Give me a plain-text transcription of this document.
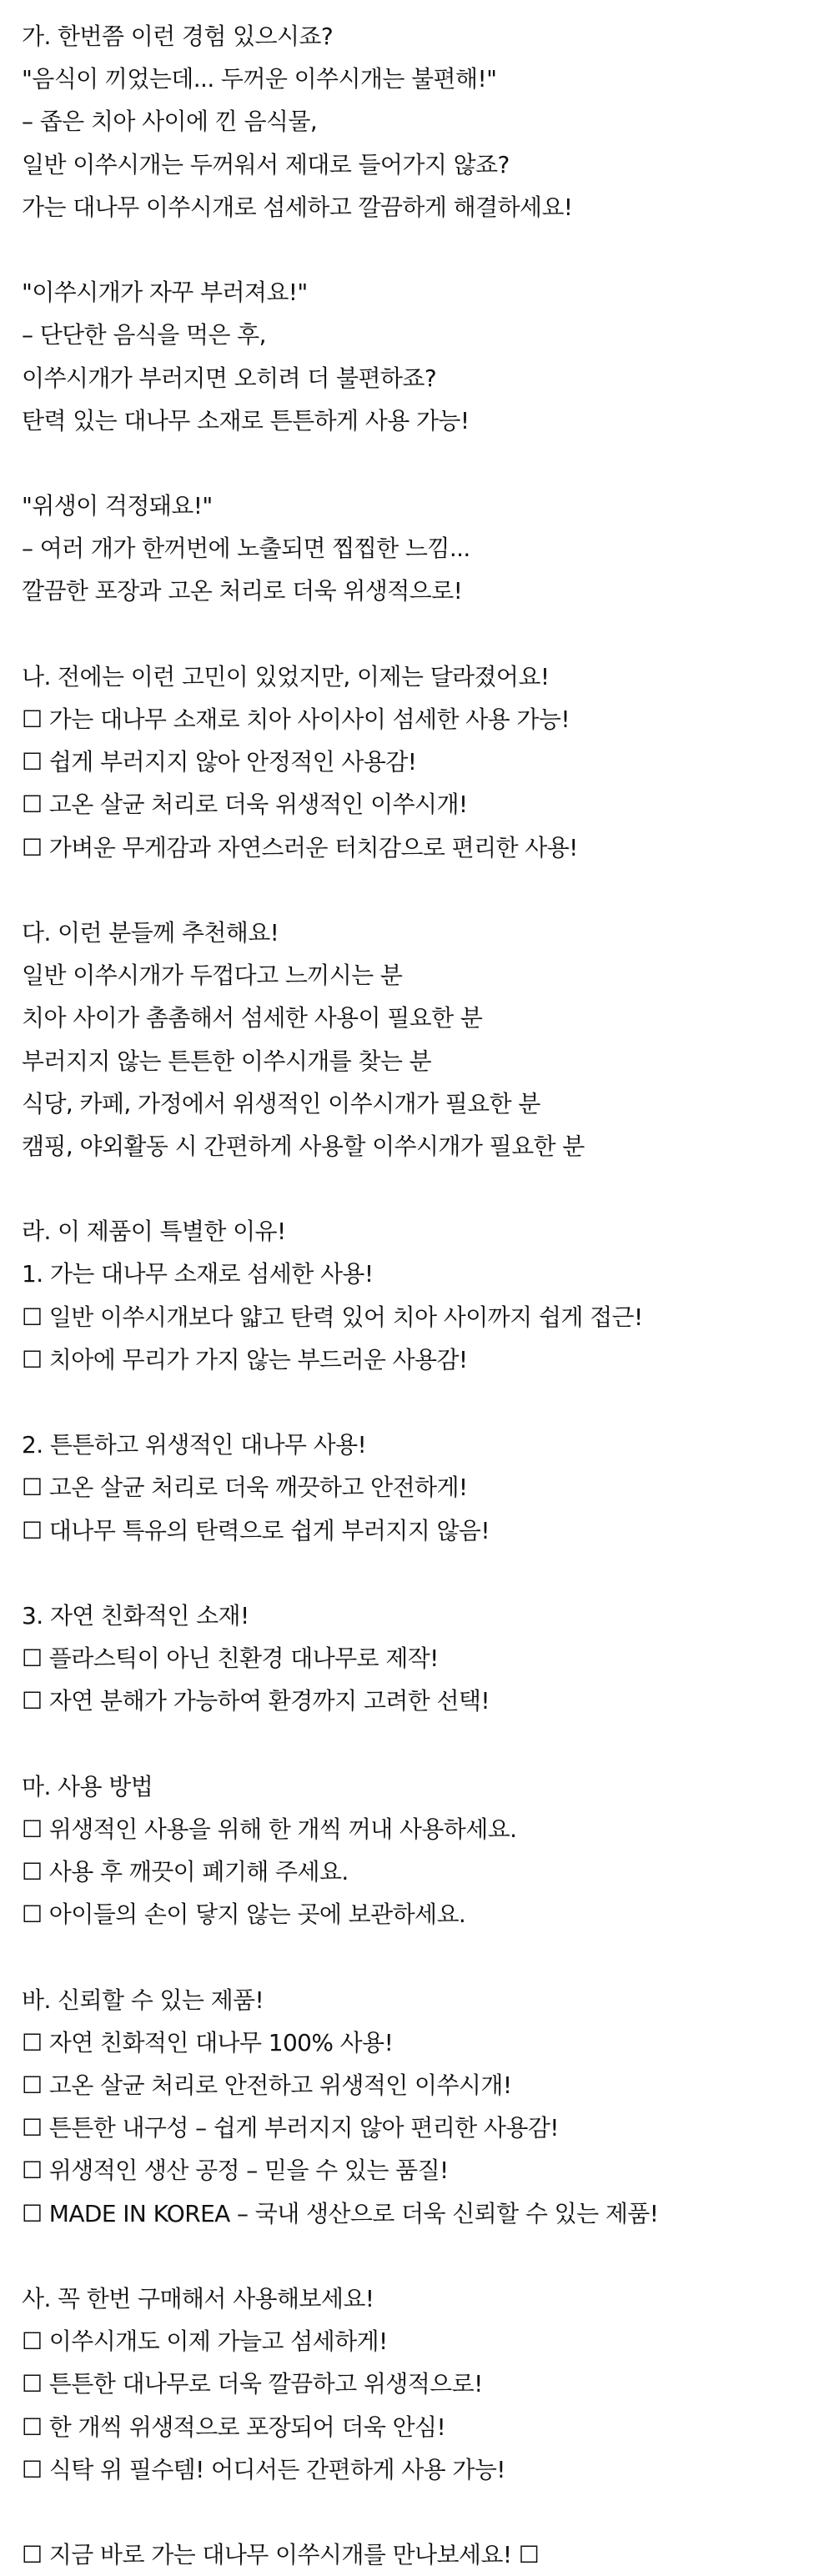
가. 한번쯤 이런 경험 있으시죠?
"음식이 끼었는데... 두꺼운 이쑤시개는 불편해!"
– 좁은 치아 사이에 낀 음식물,
일반 이쑤시개는 두꺼워서 제대로 들어가지 않죠?
가는 대나무 이쑤시개로 섬세하고 깔끔하게 해결하세요!
"이쑤시개가 자꾸 부러져요!"
– 단단한 음식을 먹은 후,
이쑤시개가 부러지면 오히려 더 불편하죠?
탄력 있는 대나무 소재로 튼튼하게 사용 가능!
"위생이 걱정돼요!"
– 여러 개가 한꺼번에 노출되면 찝찝한 느낌...
깔끔한 포장과 고온 처리로 더욱 위생적으로!
나. 전에는 이런 고민이 있었지만, 이제는 달라졌어요!
☐ 가는 대나무 소재로 치아 사이사이 섬세한 사용 가능!
☐ 쉽게 부러지지 않아 안정적인 사용감!
☐ 고온 살균 처리로 더욱 위생적인 이쑤시개!
☐ 가벼운 무게감과 자연스러운 터치감으로 편리한 사용!
다. 이런 분들께 추천해요!
일반 이쑤시개가 두껍다고 느끼시는 분
치아 사이가 촘촘해서 섬세한 사용이 필요한 분
부러지지 않는 튼튼한 이쑤시개를 찾는 분
식당, 카페, 가정에서 위생적인 이쑤시개가 필요한 분
캠핑, 야외활동 시 간편하게 사용할 이쑤시개가 필요한 분
라. 이 제품이 특별한 이유!
1. 가는 대나무 소재로 섬세한 사용!
☐ 일반 이쑤시개보다 얇고 탄력 있어 치아 사이까지 쉽게 접근!
☐ 치아에 무리가 가지 않는 부드러운 사용감!
2. 튼튼하고 위생적인 대나무 사용!
☐ 고온 살균 처리로 더욱 깨끗하고 안전하게!
☐ 대나무 특유의 탄력으로 쉽게 부러지지 않음!
3. 자연 친화적인 소재!
☐ 플라스틱이 아닌 친환경 대나무로 제작!
☐ 자연 분해가 가능하여 환경까지 고려한 선택!
마. 사용 방법
☐ 위생적인 사용을 위해 한 개씩 꺼내 사용하세요.
☐ 사용 후 깨끗이 폐기해 주세요.
☐ 아이들의 손이 닿지 않는 곳에 보관하세요.
바. 신뢰할 수 있는 제품!
☐ 자연 친화적인 대나무 100% 사용!
☐ 고온 살균 처리로 안전하고 위생적인 이쑤시개!
☐ 튼튼한 내구성 – 쉽게 부러지지 않아 편리한 사용감!
☐ 위생적인 생산 공정 – 믿을 수 있는 품질!
☐ MADE IN KOREA – 국내 생산으로 더욱 신뢰할 수 있는 제품!
사. 꼭 한번 구매해서 사용해보세요!
☐ 이쑤시개도 이제 가늘고 섬세하게!
☐ 튼튼한 대나무로 더욱 깔끔하고 위생적으로!
☐ 한 개씩 위생적으로 포장되어 더욱 안심!
☐ 식탁 위 필수템! 어디서든 간편하게 사용 가능!
☐ 지금 바로 가는 대나무 이쑤시개를 만나보세요! ☐
